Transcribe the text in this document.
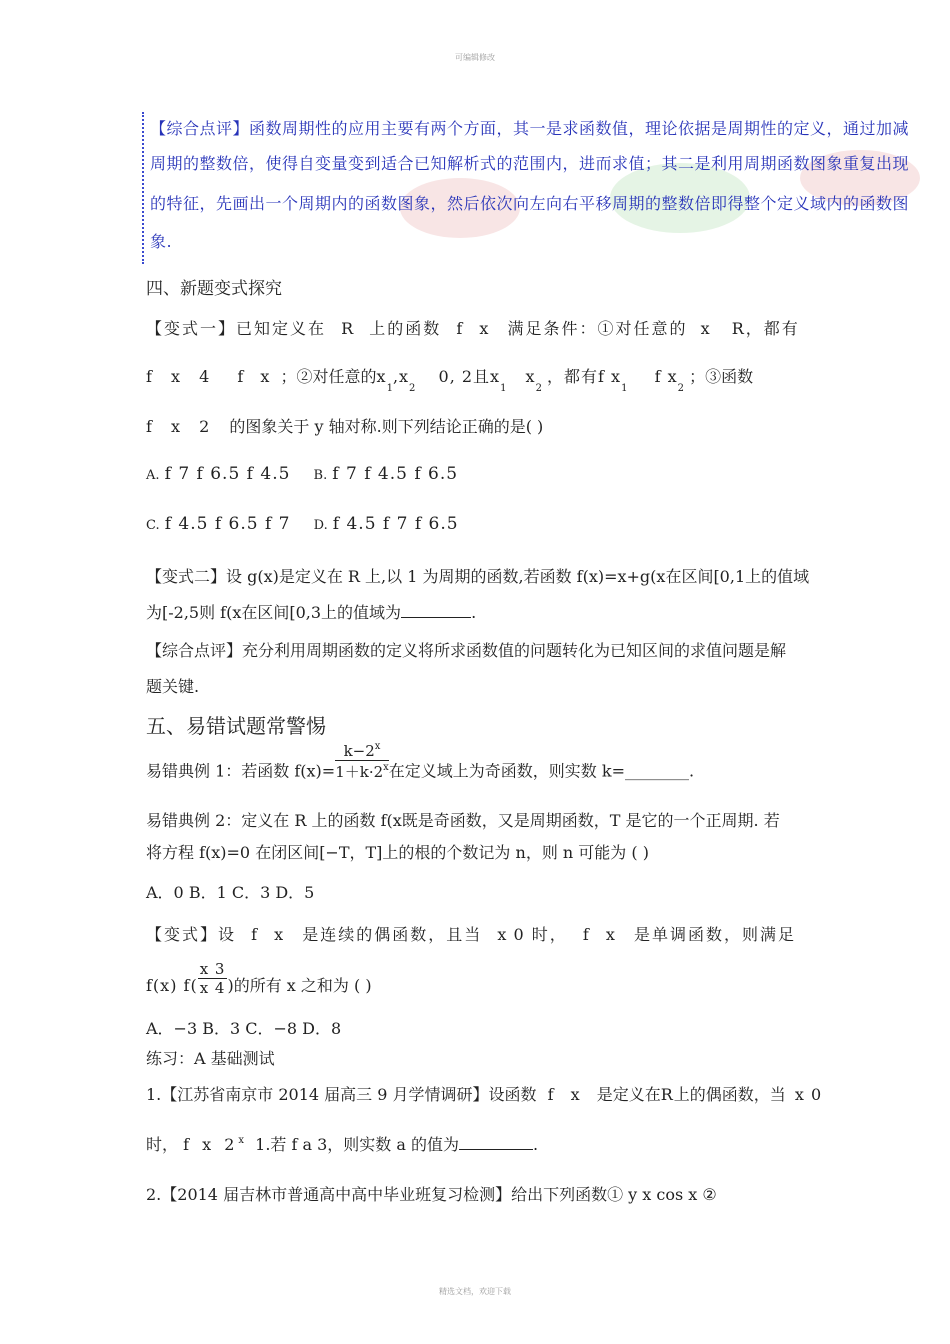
可编辑修改

【综合点评】函数周期性的应用主要有两个方面，其一是求函数值，理论依据是周期性的定义，通过加减

周期的整数倍，使得自变量变到适合已知解析式的范围内，进而求值；其二是利用周期函数图象重复出现

的特征，先画出一个周期内的函数图象，然后依次向左向右平移周期的整数倍即得整个定义域内的函数图

象.

四、新题变式探究
【变式一】已知定义在 R 上的函数 f x 满足条件：①对任意的 x R，都有
f x 4 f x ；②对任意的$x_1,x_2$ 0, 2且$x_1$ $x_2$ ，都有f $x_1$ f $x_2$ ；③函数
f x 2 的图象关于 y 轴对称.则下列结论正确的是( )
A. f 7 f 6.5 f 4.5 B. f 7 f 4.5 f 6.5
C. f 4.5 f 6.5 f 7 D. f 4.5 f 7 f 6.5
【变式二】设 g(x)是定义在 R 上,以 1 为周期的函数,若函数 f(x)=x+g(x在区间[0,1上的值域
为[-2,5则 f(x在区间[0,3上的值域为	.
【综合点评】充分利用周期函数的定义将所求函数值的问题转化为已知区间的求值问题是解
题关键.
五、易错试题常警惕
易错典例 1：若函数 $f(x)= \frac{k-2^x}{1+k\cdot 2^x}$ 在定义域上为奇函数，则实数 k=________.
易错典例 2：定义在 R 上的函数 f(x既是奇函数，又是周期函数，T 是它的一个正周期. 若
将方程 f(x)=0 在闭区间[−T，T]上的根的个数记为 n，则 n 可能为 ( )
A．0 B．1 C．3 D．5
【变式】设 f x 是连续的偶函数，且当 x 0 时， f x 是单调函数，则满足
f(x) $f( \frac{x 3}{x 4}$ )的所有 x 之和为 ( )
A．−3 B．3 C．−8 D．8
练习：A 基础测试
1.【江苏省南京市 2014 届高三 9 月学情调研】设函数 f x 是定义在R上的偶函数，当 x 0
时， f x 2$^x$ 1.若 f a 3，则实数 a 的值为	.
2.【2014 届吉林市普通高中高中毕业班复习检测】给出下列函数① y x cos x ②
精选文档，欢迎下载
